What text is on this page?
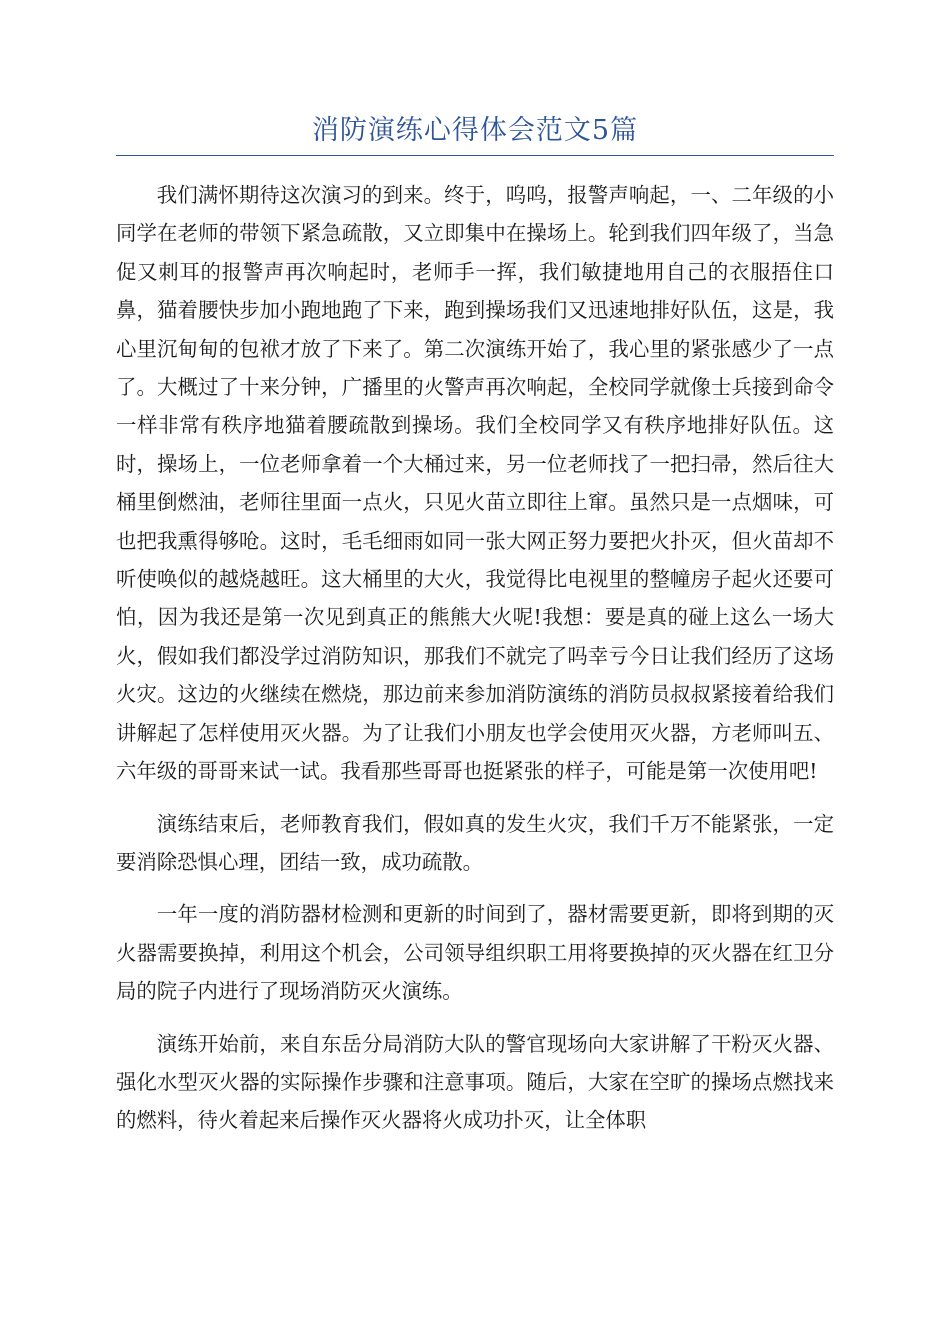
消防演练心得体会范文5篇

我们满怀期待这次演习的到来。终于，呜呜，报警声响起，一、二年级的小同学在老师的带领下紧急疏散，又立即集中在操场上。轮到我们四年级了，当急促又刺耳的报警声再次响起时，老师手一挥，我们敏捷地用自己的衣服捂住口鼻，猫着腰快步加小跑地跑了下来，跑到操场我们又迅速地排好队伍，这是，我心里沉甸甸的包袱才放了下来了。第二次演练开始了，我心里的紧张感少了一点了。大概过了十来分钟，广播里的火警声再次响起，全校同学就像士兵接到命令一样非常有秩序地猫着腰疏散到操场。我们全校同学又有秩序地排好队伍。这时，操场上，一位老师拿着一个大桶过来，另一位老师找了一把扫帚，然后往大桶里倒燃油，老师往里面一点火，只见火苗立即往上窜。虽然只是一点烟味，可也把我熏得够呛。这时，毛毛细雨如同一张大网正努力要把火扑灭，但火苗却不听使唤似的越烧越旺。这大桶里的大火，我觉得比电视里的整幢房子起火还要可怕，因为我还是第一次见到真正的熊熊大火呢!我想：要是真的碰上这么一场大火，假如我们都没学过消防知识，那我们不就完了吗幸亏今日让我们经历了这场火灾。这边的火继续在燃烧，那边前来参加消防演练的消防员叔叔紧接着给我们讲解起了怎样使用灭火器。为了让我们小朋友也学会使用灭火器，方老师叫五、六年级的哥哥来试一试。我看那些哥哥也挺紧张的样子，可能是第一次使用吧!

演练结束后，老师教育我们，假如真的发生火灾，我们千万不能紧张，一定要消除恐惧心理，团结一致，成功疏散。

一年一度的消防器材检测和更新的时间到了，器材需要更新，即将到期的灭火器需要换掉，利用这个机会，公司领导组织职工用将要换掉的灭火器在红卫分局的院子内进行了现场消防灭火演练。

演练开始前，来自东岳分局消防大队的警官现场向大家讲解了干粉灭火器、强化水型灭火器的实际操作步骤和注意事项。随后，大家在空旷的操场点燃找来的燃料，待火着起来后操作灭火器将火成功扑灭，让全体职
